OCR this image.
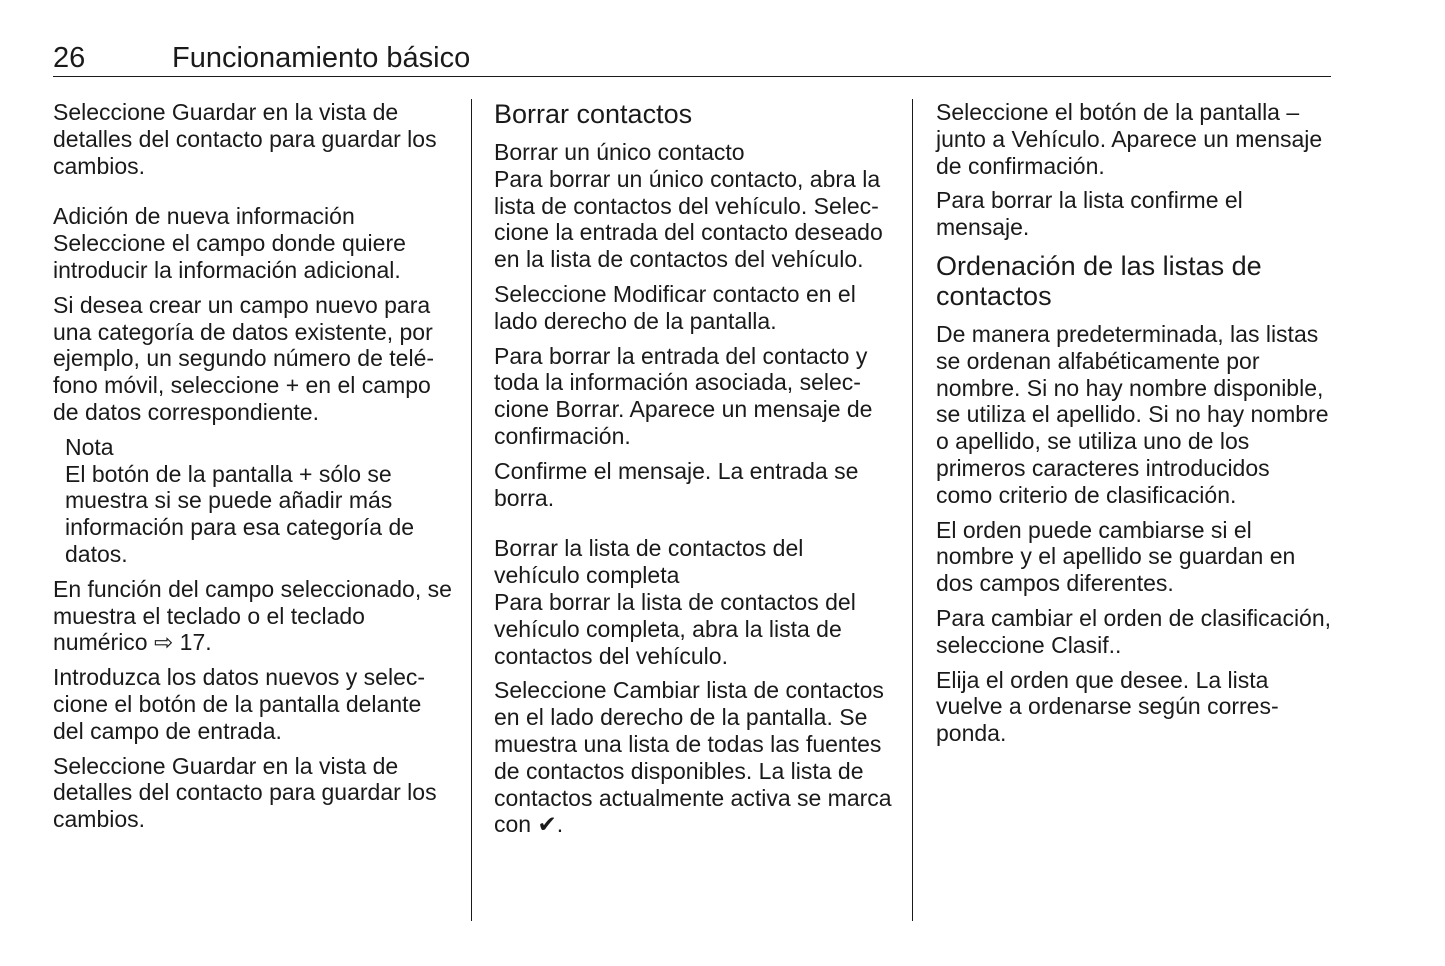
26	Funcionamiento básico

Seleccione Guardar en la vista de detalles del contacto para guardar los cambios.

Adición de nueva información

Seleccione el campo donde quiere introducir la información adicional.

Si desea crear un campo nuevo para una categoría de datos existente, por ejemplo, un segundo número de teléfono móvil, seleccione + en el campo de datos correspondiente.

Nota
El botón de la pantalla + sólo se muestra si se puede añadir más información para esa categoría de datos.

En función del campo seleccionado, se muestra el teclado o el teclado numérico ⇨ 17.

Introduzca los datos nuevos y seleccione el botón de la pantalla delante del campo de entrada.

Seleccione Guardar en la vista de detalles del contacto para guardar los cambios.

Borrar contactos
Borrar un único contacto

Para borrar un único contacto, abra la lista de contactos del vehículo. Seleccione la entrada del contacto deseado en la lista de contactos del vehículo.

Seleccione Modificar contacto en el lado derecho de la pantalla.

Para borrar la entrada del contacto y toda la información asociada, seleccione Borrar. Aparece un mensaje de confirmación.

Confirme el mensaje. La entrada se borra.

Borrar la lista de contactos del vehículo completa

Para borrar la lista de contactos del vehículo completa, abra la lista de contactos del vehículo.

Seleccione Cambiar lista de contactos en el lado derecho de la pantalla. Se muestra una lista de todas las fuentes de contactos disponibles. La lista de contactos actualmente activa se marca con ✔.

Seleccione el botón de la pantalla – junto a Vehículo. Aparece un mensaje de confirmación.

Para borrar la lista confirme el mensaje.

Ordenación de las listas de contactos

De manera predeterminada, las listas se ordenan alfabéticamente por nombre. Si no hay nombre disponible, se utiliza el apellido. Si no hay nombre o apellido, se utiliza uno de los primeros caracteres introducidos como criterio de clasificación.

El orden puede cambiarse si el nombre y el apellido se guardan en dos campos diferentes.

Para cambiar el orden de clasificación, seleccione Clasif..

Elija el orden que desee. La lista vuelve a ordenarse según corresponda.
